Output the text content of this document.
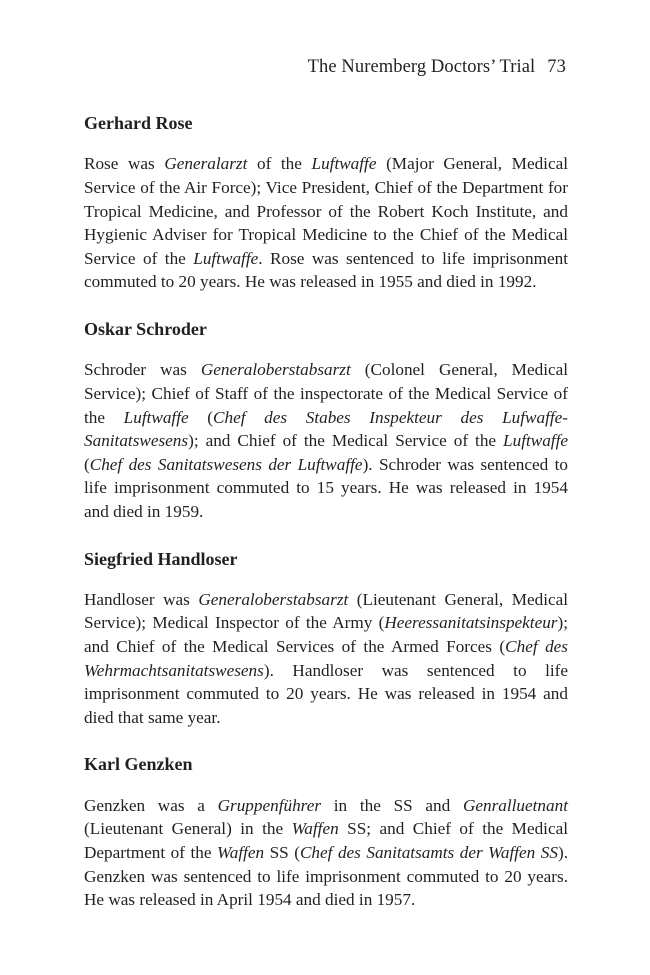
The Nuremberg Doctors’ Trial 73
Gerhard Rose

Rose was Generalarzt of the Luftwaffe (Major General, Medical Service of the Air Force); Vice President, Chief of the Department for Tropical Medicine, and Professor of the Robert Koch Institute, and Hygienic Adviser for Tropical Medicine to the Chief of the Medical Service of the Luftwaffe. Rose was sentenced to life imprisonment commuted to 20 years. He was released in 1955 and died in 1992.

Oskar Schroder

Schroder was Generaloberstabsarzt (Colonel General, Medical Service); Chief of Staff of the inspectorate of the Medical Service of the Luftwaffe (Chef des Stabes Inspekteur des Lufwaffe-Sanitatswesens); and Chief of the Medical Service of the Luftwaffe (Chef des Sanitatswesens der Luftwaffe). Schroder was sentenced to life imprisonment commuted to 15 years. He was released in 1954 and died in 1959.

Siegfried Handloser

Handloser was Generaloberstabsarzt (Lieutenant General, Medical Service); Medical Inspector of the Army (Heeressanitatsinspekteur); and Chief of the Medical Services of the Armed Forces (Chef des Wehrmachtsanitatswesens). Handloser was sentenced to life imprisonment commuted to 20 years. He was released in 1954 and died that same year.

Karl Genzken

Genzken was a Gruppenführer in the SS and Genralluetnant (Lieutenant General) in the Waffen SS; and Chief of the Medical Department of the Waffen SS (Chef des Sanitatsamts der Waffen SS). Genzken was sentenced to life imprisonment commuted to 20 years. He was released in April 1954 and died in 1957.
